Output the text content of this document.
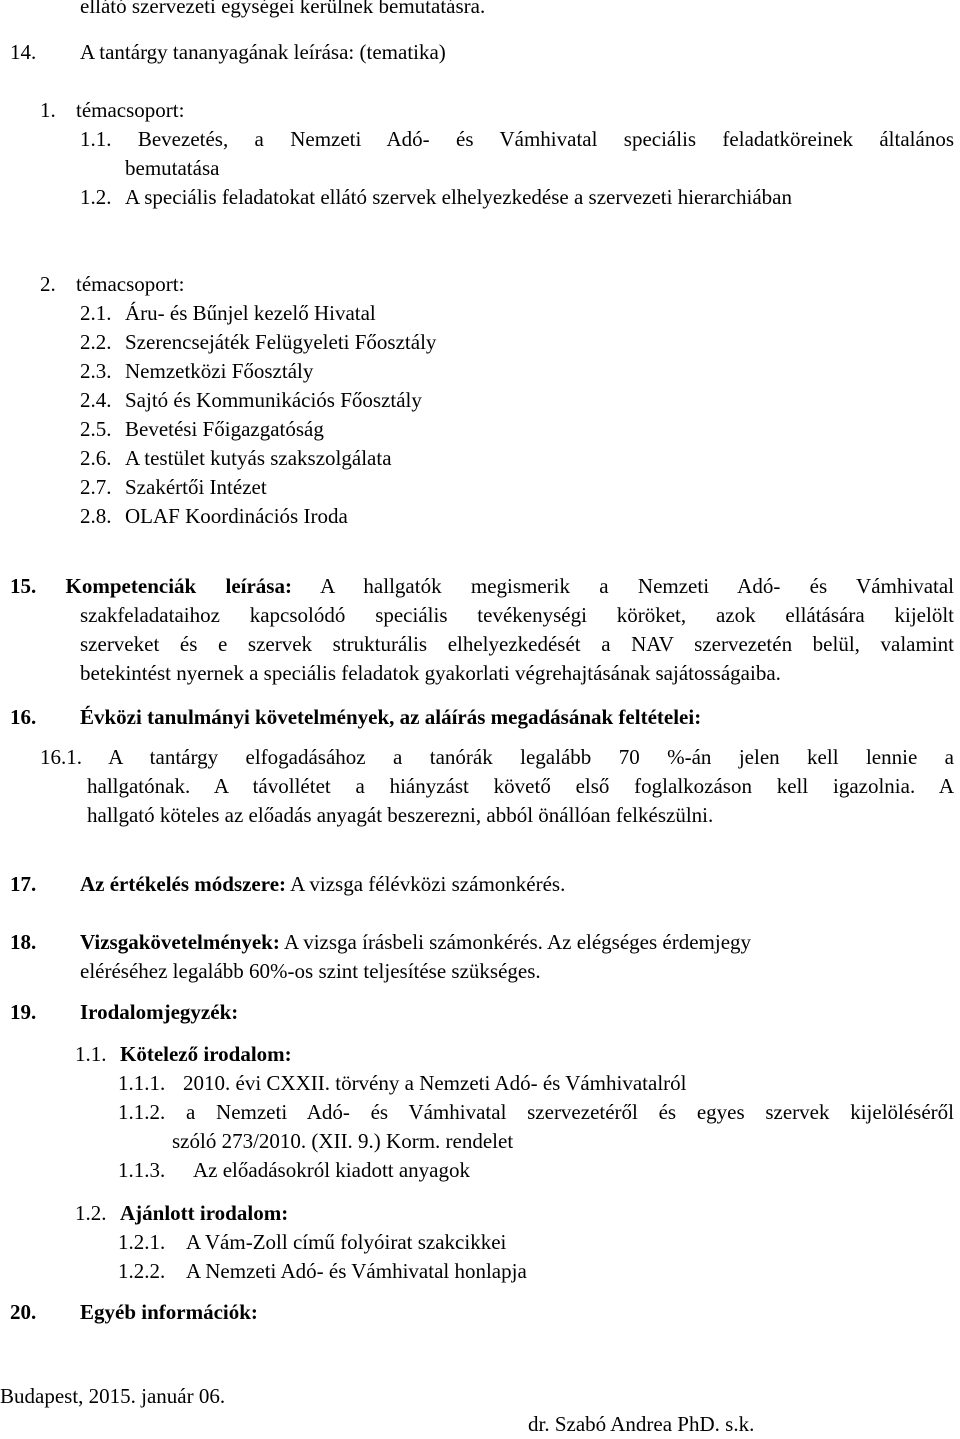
ellátó szervezeti egységei kerülnek bemutatásra.
14. A tantárgy tananyagának leírása: (tematika)
1. témacsoport:
1.1. Bevezetés, a Nemzeti Adó- és Vámhivatal speciális feladatköreinek általános
bemutatása
1.2. A speciális feladatokat ellátó szervek elhelyezkedése a szervezeti hierarchiában
2. témacsoport:
2.1. Áru- és Bűnjel kezelő Hivatal
2.2. Szerencsejáték Felügyeleti Főosztály
2.3. Nemzetközi Főosztály
2.4. Sajtó és Kommunikációs Főosztály
2.5. Bevetési Főigazgatóság
2.6. A testület kutyás szakszolgálata
2.7. Szakértői Intézet
2.8. OLAF Koordinációs Iroda
15. Kompetenciák leírása: A hallgatók megismerik a Nemzeti Adó- és Vámhivatal
szakfeladataihoz kapcsolódó speciális tevékenységi köröket, azok ellátására kijelölt
szerveket és e szervek strukturális elhelyezkedését a NAV szervezetén belül, valamint
betekintést nyernek a speciális feladatok gyakorlati végrehajtásának sajátosságaiba.
16. Évközi tanulmányi követelmények, az aláírás megadásának feltételei:
16.1. A tantárgy elfogadásához a tanórák legalább 70 %-án jelen kell lennie a
hallgatónak. A távollétet a hiányzást követő első foglalkozáson kell igazolnia. A
hallgató köteles az előadás anyagát beszerezni, abból önállóan felkészülni.
17. Az értékelés módszere: A vizsga félévközi számonkérés.
18. Vizsgakövetelmények: A vizsga írásbeli számonkérés. Az elégséges érdemjegy
eléréséhez legalább 60%-os szint teljesítése szükséges.
19. Irodalomjegyzék:
1.1. Kötelező irodalom:
1.1.1. 2010. évi CXXII. törvény a Nemzeti Adó- és Vámhivatalról
1.1.2. a Nemzeti Adó- és Vámhivatal szervezetéről és egyes szervek kijelöléséről
szóló 273/2010. (XII. 9.) Korm. rendelet
1.1.3. Az előadásokról kiadott anyagok
1.2. Ajánlott irodalom:
1.2.1. A Vám-Zoll című folyóirat szakcikkei
1.2.2. A Nemzeti Adó- és Vámhivatal honlapja
20. Egyéb információk:
Budapest, 2015. január 06.
dr. Szabó Andrea PhD. s.k.
